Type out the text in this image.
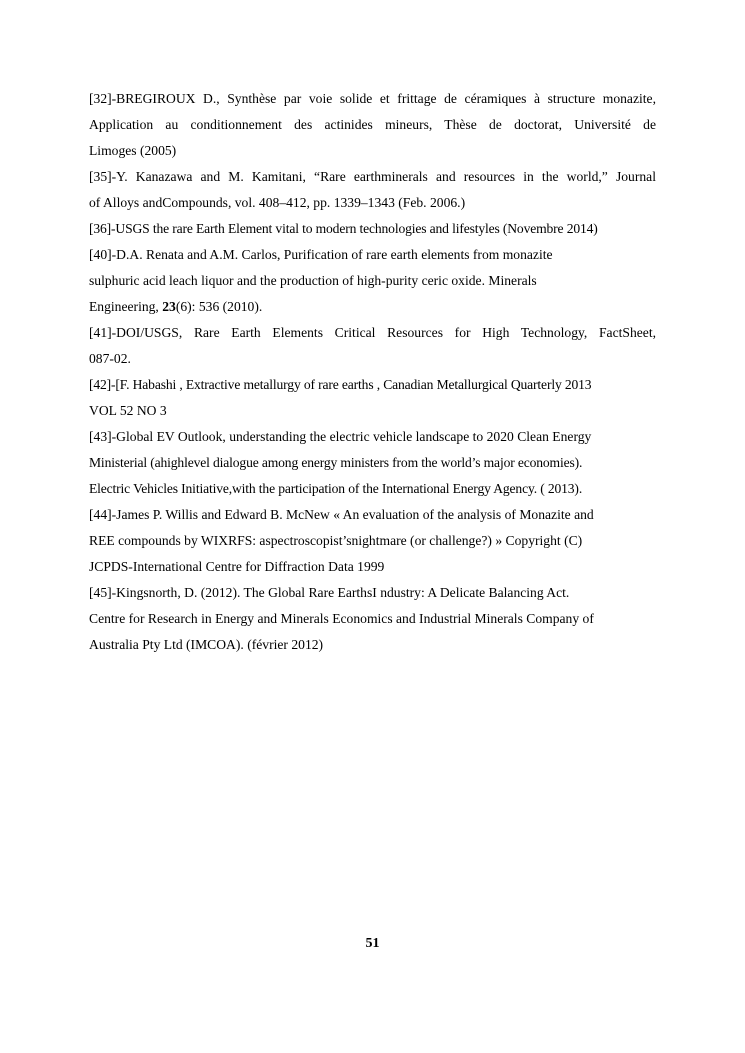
[32]-BREGIROUX D., Synthèse par voie solide et frittage de céramiques à structure monazite,
Application au conditionnement des actinides mineurs, Thèse de doctorat, Université de
Limoges (2005)
[35]-Y. Kanazawa and M. Kamitani, “Rare earthminerals and resources in the world,” Journal
of Alloys andCompounds, vol. 408–412, pp. 1339–1343 (Feb. 2006.)
[36]-USGS the rare Earth Element vital to modern technologies and lifestyles (Novembre 2014)
[40]-D.A. Renata and A.M. Carlos, Purification of rare earth elements from monazite
sulphuric acid leach liquor and the production of high-purity ceric oxide. Minerals
Engineering, 23(6): 536 (2010).
[41]-DOI/USGS, Rare Earth Elements Critical Resources for High Technology, FactSheet,
087-02.
[42]-[F. Habashi , Extractive metallurgy of rare earths , Canadian Metallurgical Quarterly 2013
VOL 52 NO 3
[43]-Global EV Outlook, understanding the electric vehicle landscape to 2020 Clean Energy
Ministerial (ahighlevel dialogue among energy ministers from the world’s major economies).
Electric Vehicles Initiative,with the participation of the International Energy Agency. ( 2013).
[44]-James P. Willis and Edward B. McNew « An evaluation of the analysis of Monazite and
REE compounds by WIXRFS: aspectroscopist’snightmare (or challenge?) » Copyright (C)
JCPDS-International Centre for Diffraction Data 1999
[45]-Kingsnorth, D. (2012). The Global Rare EarthsI ndustry: A Delicate Balancing Act.
Centre for Research in Energy and Minerals Economics and Industrial Minerals Company of
Australia Pty Ltd (IMCOA). (février 2012)
51
